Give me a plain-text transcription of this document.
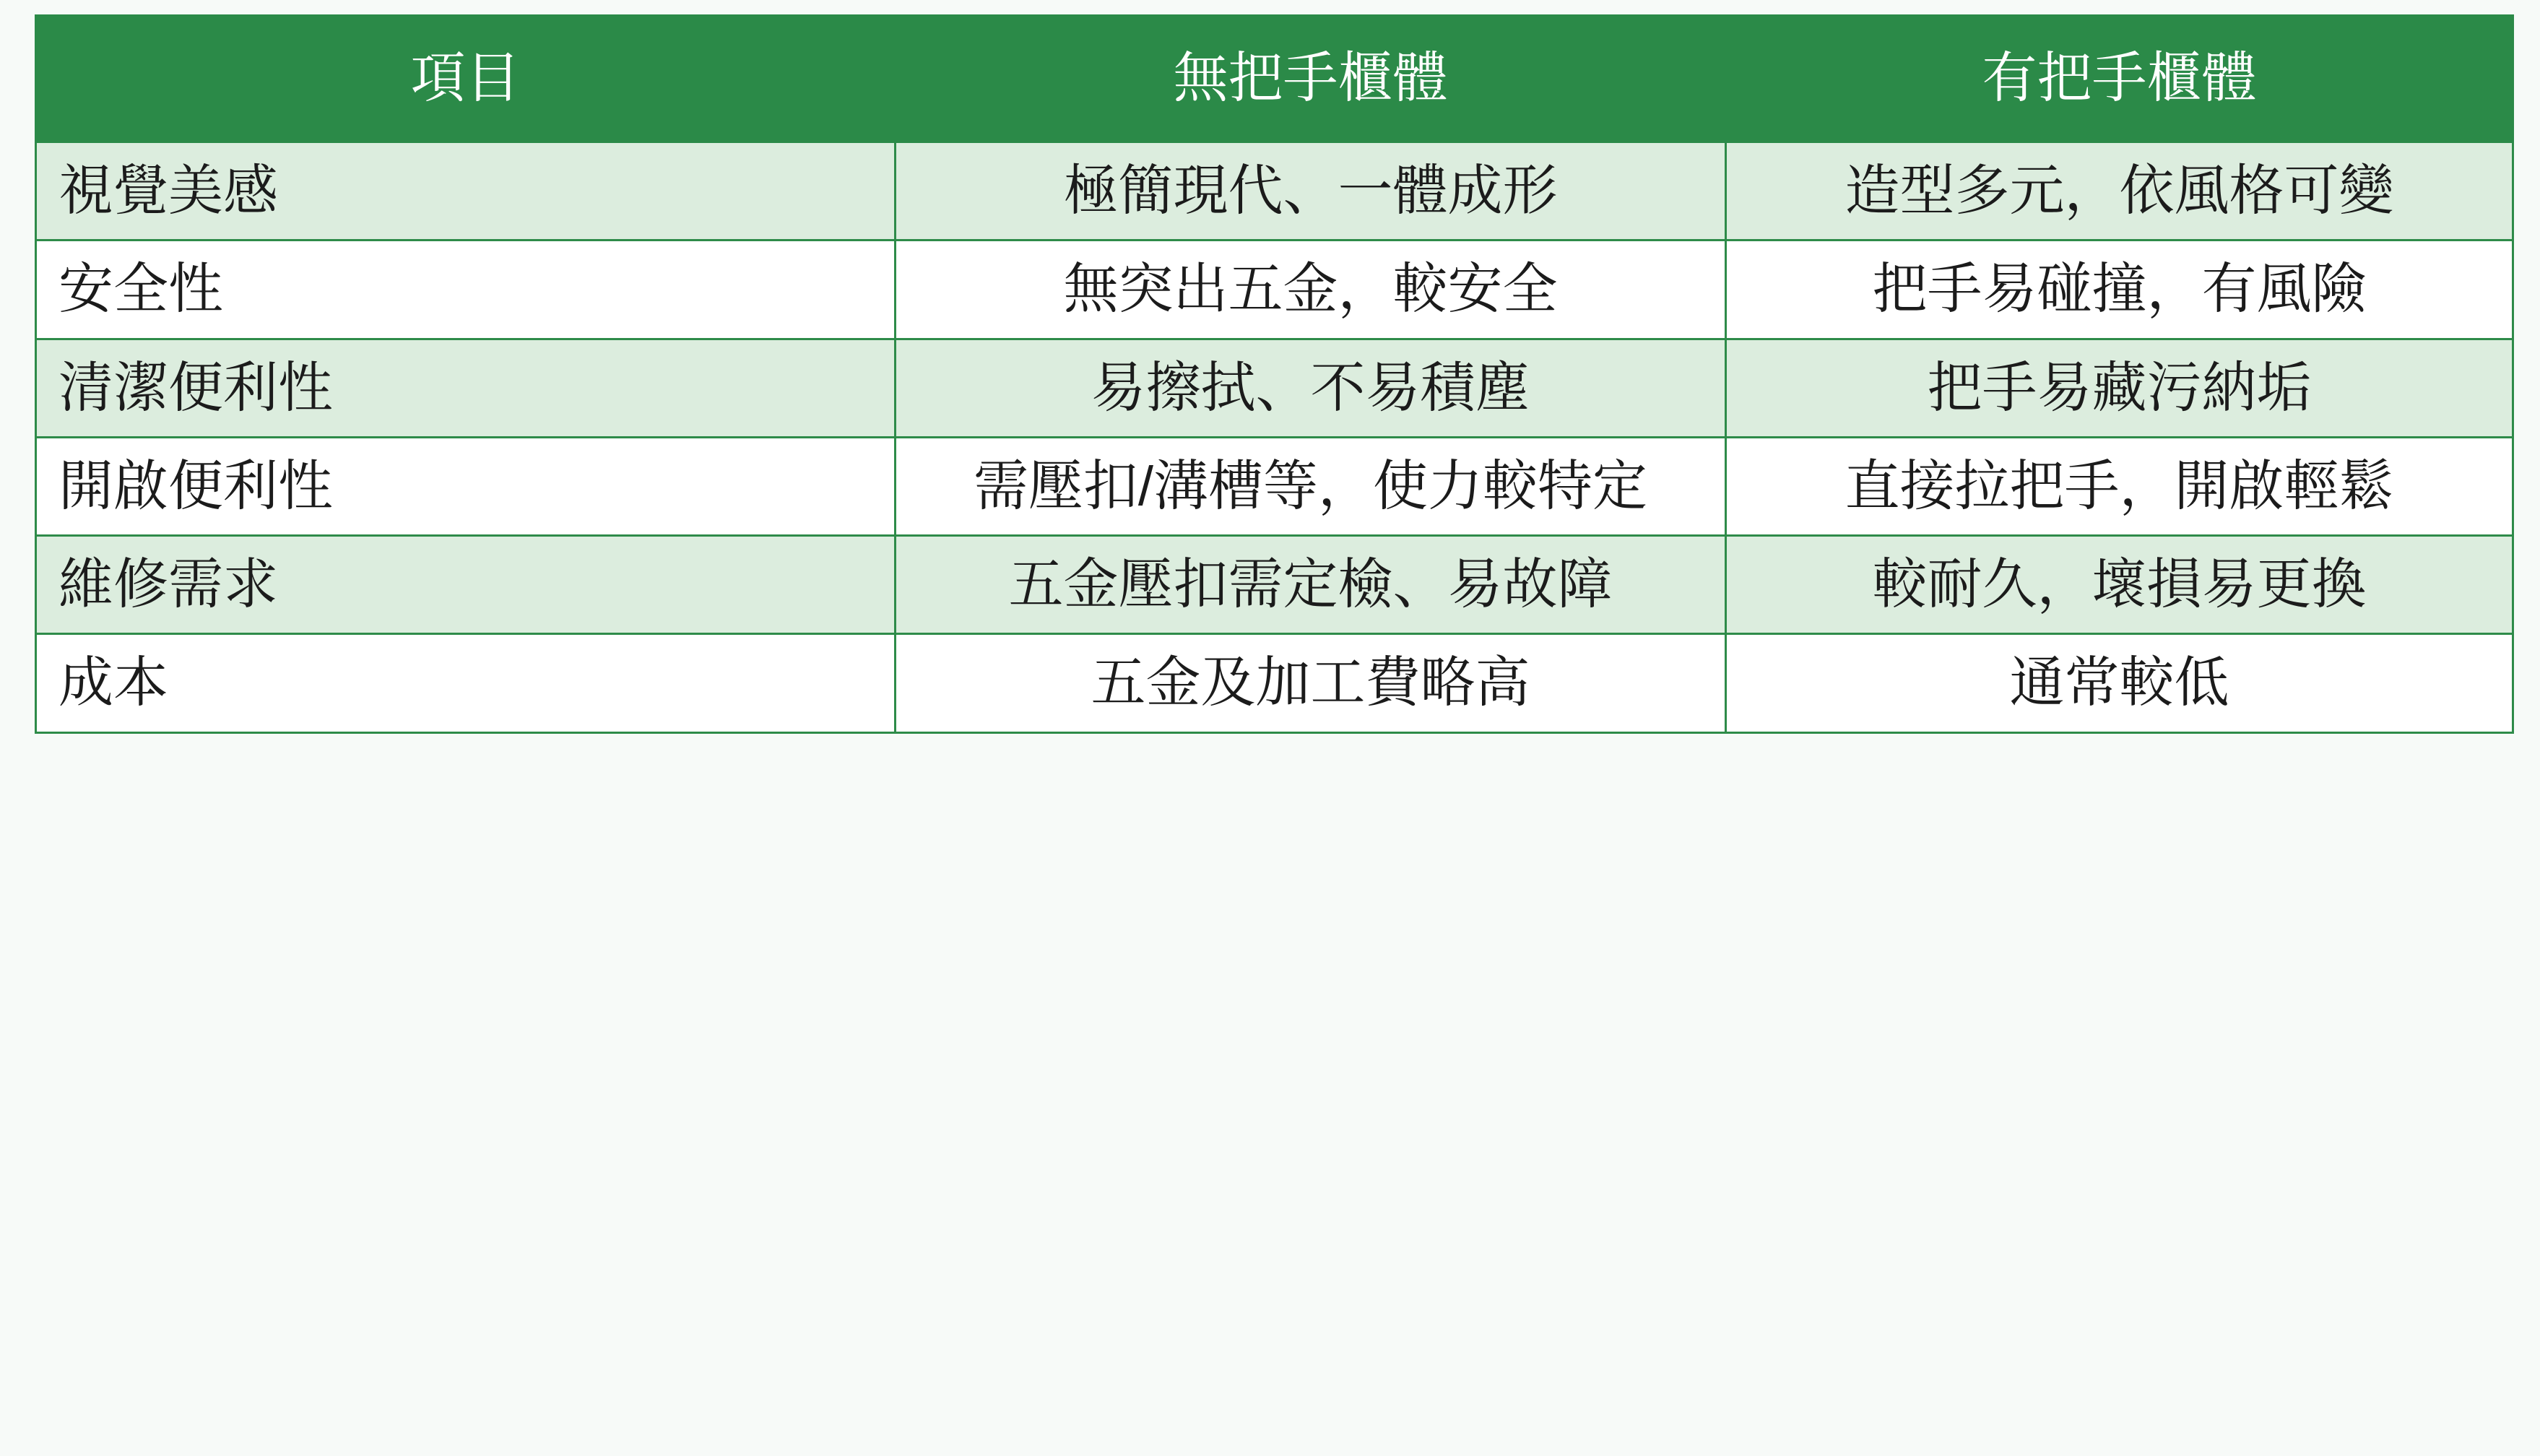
項目	無把手櫃體	有把手櫃體
視覺美感	極簡現代、一體成形	造型多元，依風格可變
安全性	無突出五金，較安全	把手易碰撞，有風險
清潔便利性	易擦拭、不易積塵	把手易藏污納垢
開啟便利性	需壓扣/溝槽等，使力較特定	直接拉把手，開啟輕鬆
維修需求	五金壓扣需定檢、易故障	較耐久，壞損易更換
成本	五金及加工費略高	通常較低
